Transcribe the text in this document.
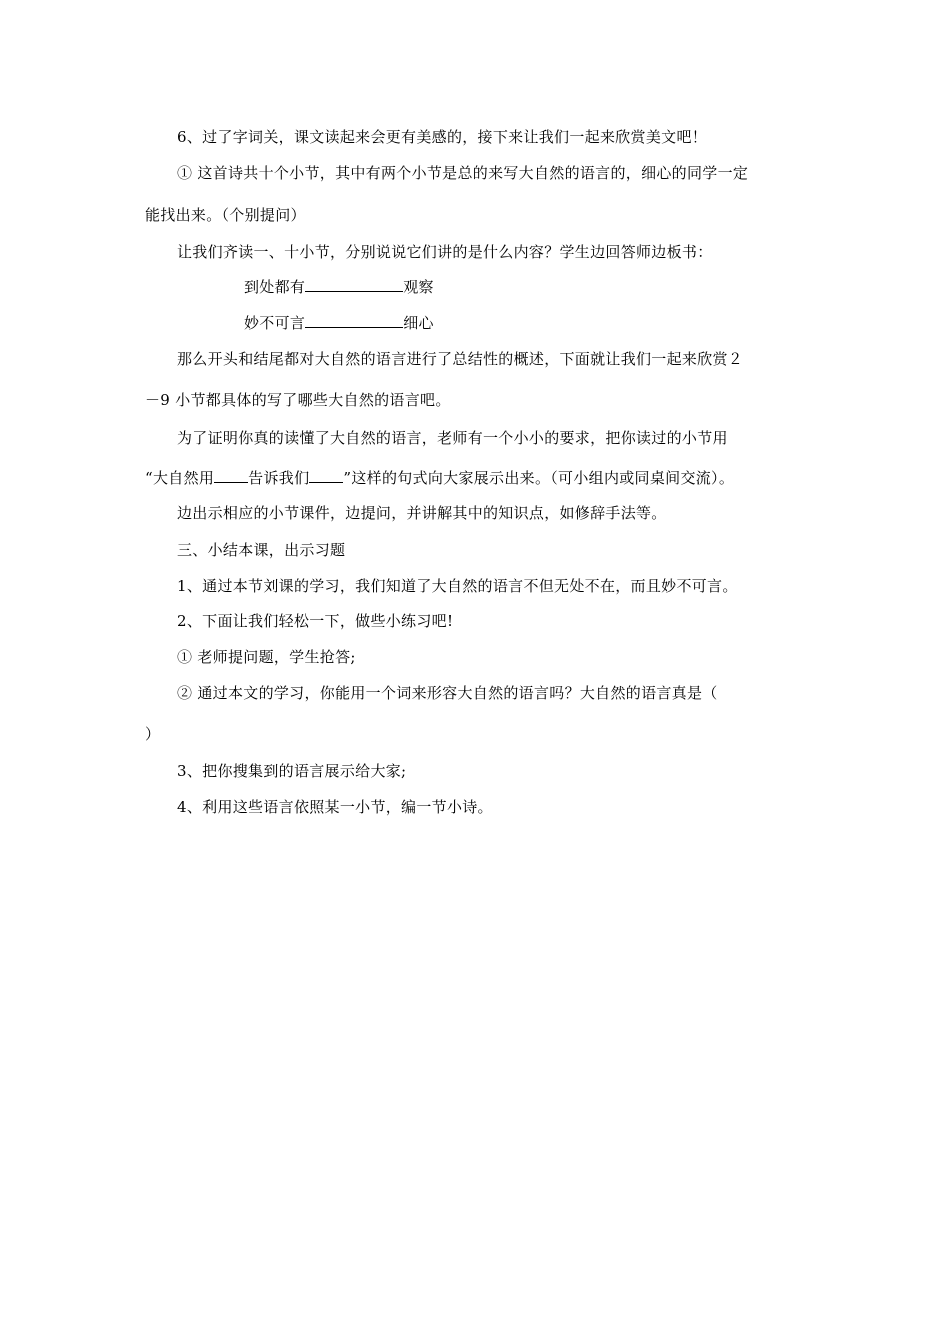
6、过了字词关，课文读起来会更有美感的，接下来让我们一起来欣赏美文吧！
① 这首诗共十个小节，其中有两个小节是总的来写大自然的语言的，细心的同学一定
能找出来。（个别提问）
让我们齐读一、十小节，分别说说它们讲的是什么内容？学生边回答师边板书：
到处都有	观察
妙不可言	细心
那么开头和结尾都对大自然的语言进行了总结性的概述，下面就让我们一起来欣赏２
－9 小节都具体的写了哪些大自然的语言吧。
为了证明你真的读懂了大自然的语言，老师有一个小小的要求，把你读过的小节用
“大自然用 告诉我们 ”这样的句式向大家展示出来。（可小组内或同桌间交流）。
边出示相应的小节课件，边提问，并讲解其中的知识点，如修辞手法等。
三、小结本课，出示习题
1、通过本节刘课的学习，我们知道了大自然的语言不但无处不在，而且妙不可言。
2、下面让我们轻松一下，做些小练习吧!
① 老师提问题，学生抢答;
② 通过本文的学习，你能用一个词来形容大自然的语言吗？大自然的语言真是（
）
3、把你搜集到的语言展示给大家;
4、利用这些语言依照某一小节，编一节小诗。
